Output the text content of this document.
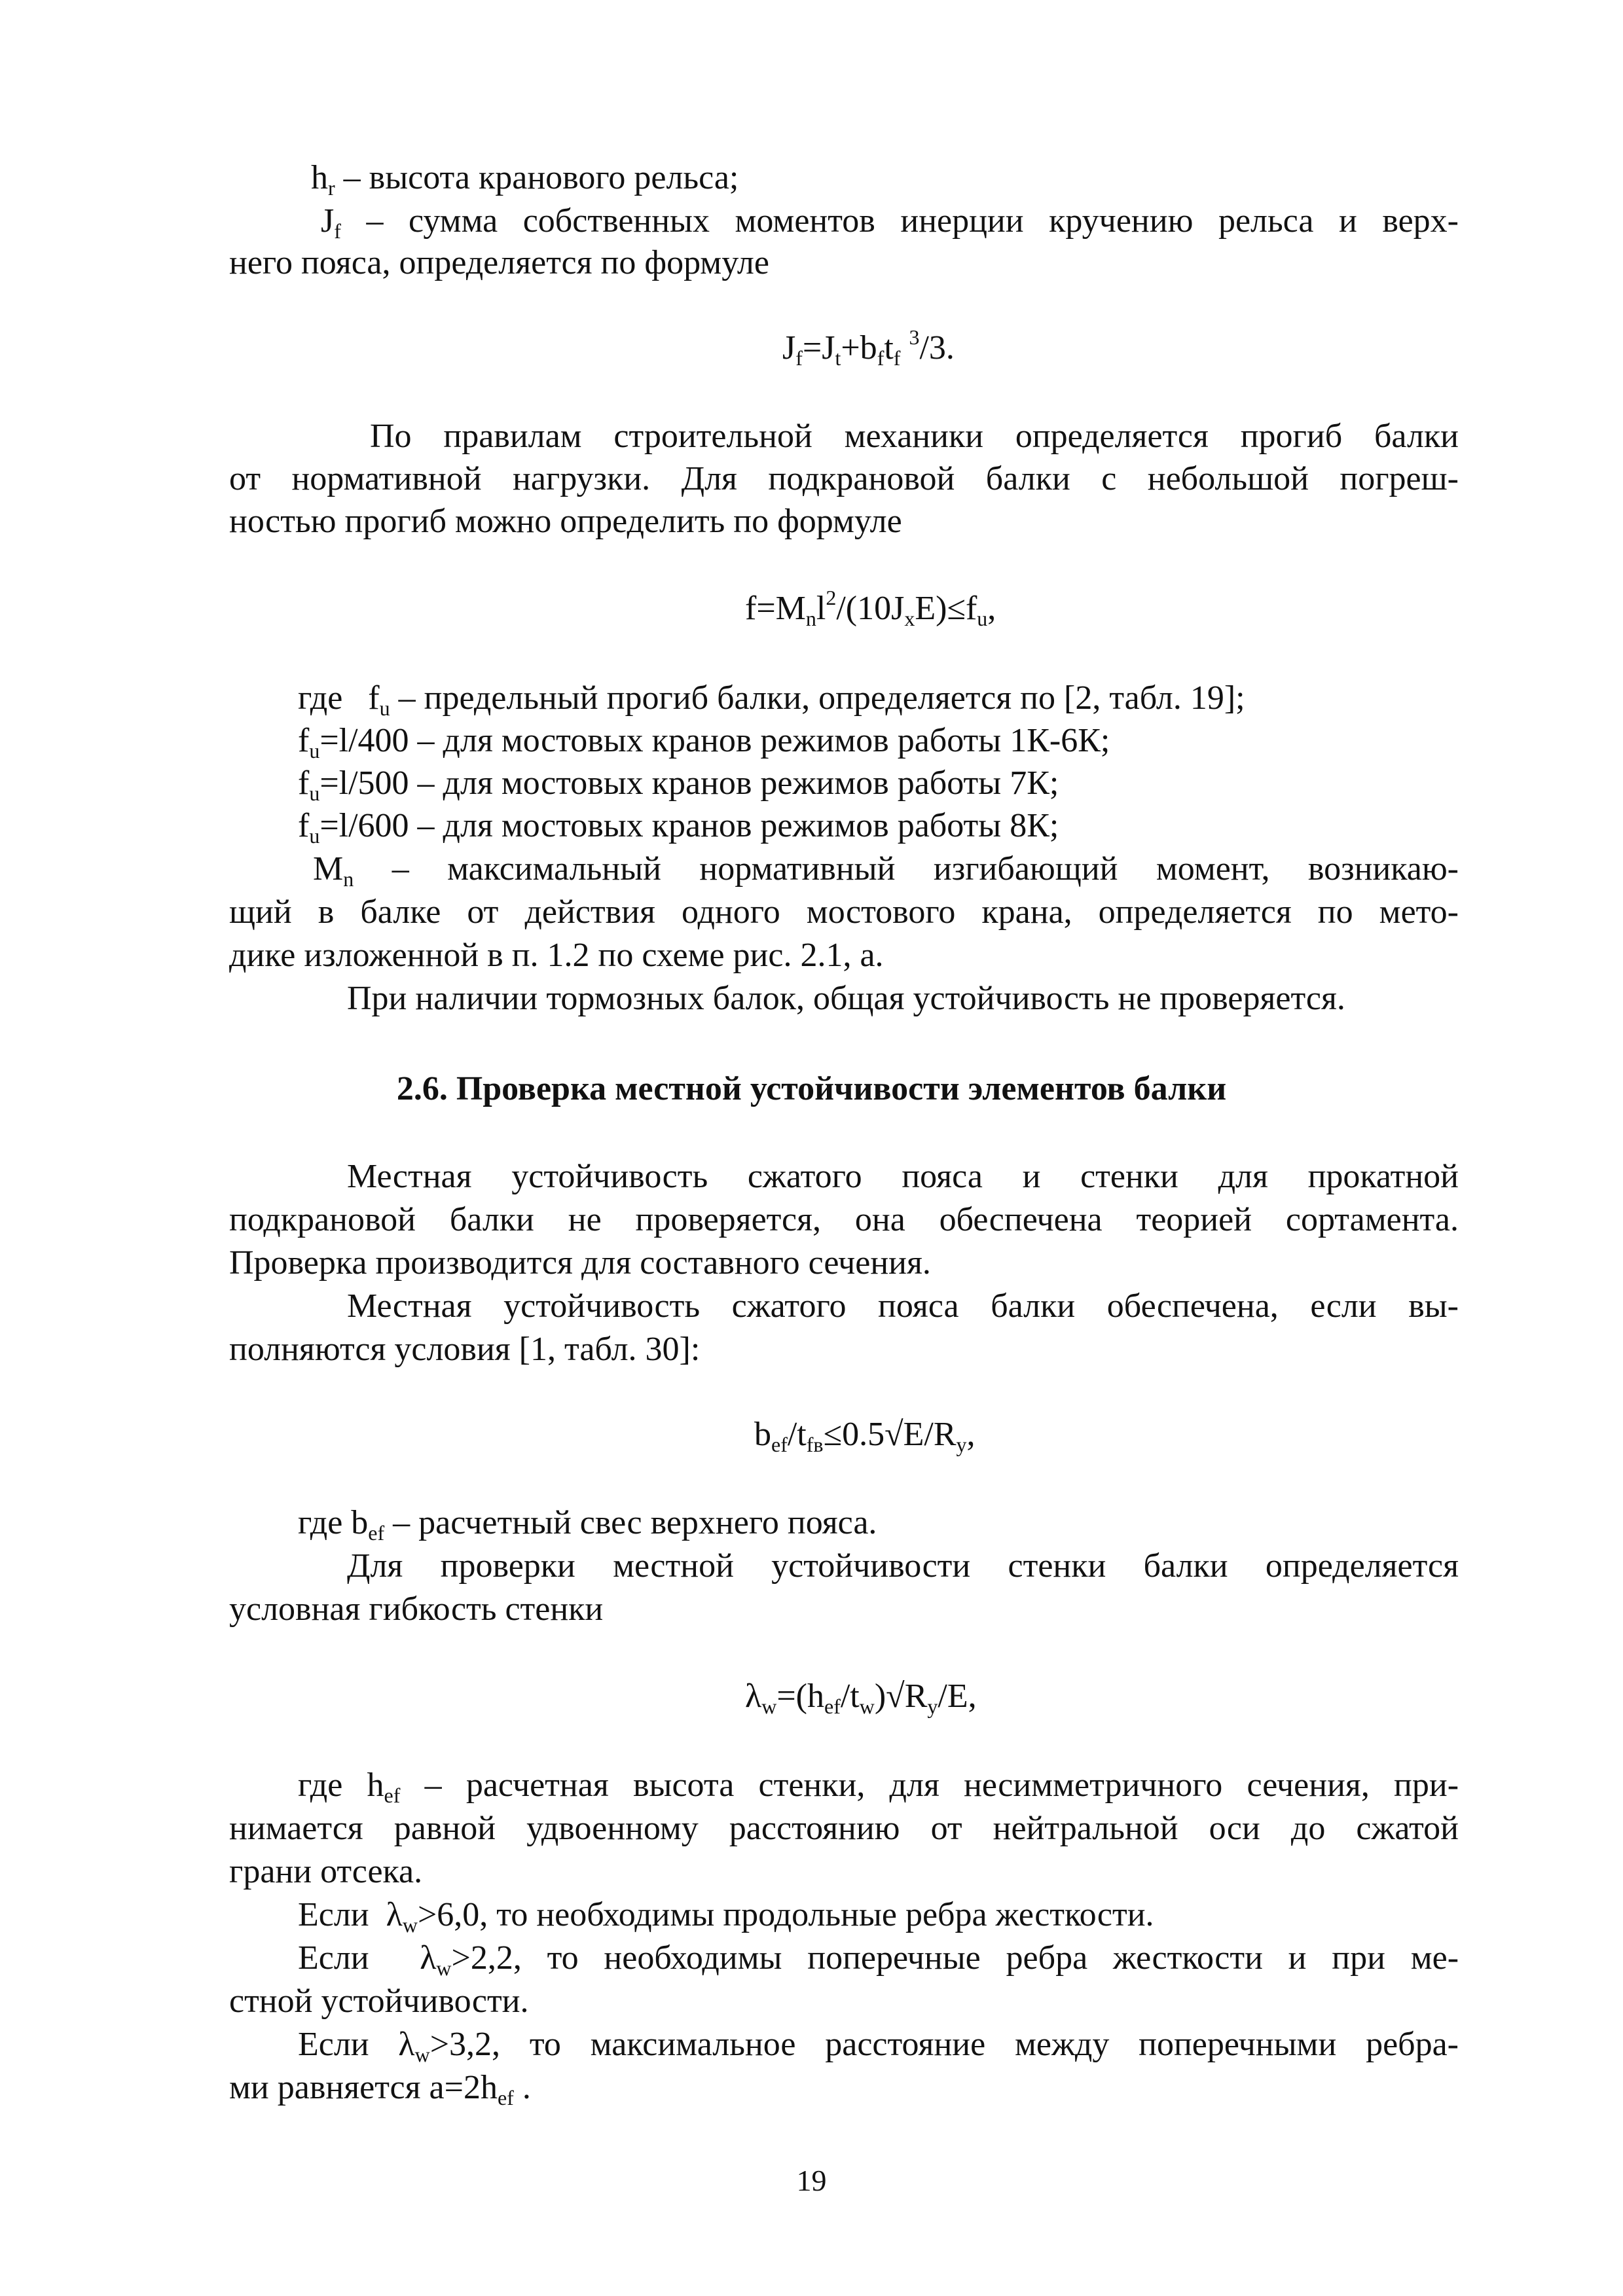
$h_r$ – высота кранового рельса;
$J_f$ – сумма собственных моментов инерции кручению рельса и верх-
него пояса, определяется по формуле
$J_f=J_t+b_ft_f$ $^3$/3.
По правилам строительной механики определяется прогиб балки
от нормативной нагрузки. Для подкрановой балки с небольшой погреш-
ностью прогиб можно определить по формуле
$f=M_nl^2/(10J_xE)\le f_u$,
где $f_u$ – предельный прогиб балки, определяется по [2, табл. 19];
$f_u=l/400$ – для мостовых кранов режимов работы 1К-6К;
$f_u=l/500$ – для мостовых кранов режимов работы 7К;
$f_u=l/600$ – для мостовых кранов режимов работы 8К;
$M_n$ – максимальный нормативный изгибающий момент, возникаю-
щий в балке от действия одного мостового крана, определяется по мето-
дике изложенной в п. 1.2 по схеме рис. 2.1, а.
При наличии тормозных балок, общая устойчивость не проверяется.
2.6. Проверка местной устойчивости элементов балки
Местная устойчивость сжатого пояса и стенки для прокатной
подкрановой балки не проверяется, она обеспечена теорией сортамента.
Проверка производится для составного сечения.
Местная устойчивость сжатого пояса балки обеспечена, если вы-
полняются условия [1, табл. 30]:
$b_{ef}/t_{fв}\le 0.5√E/R_y$,
где $b_{ef}$ – расчетный свес верхнего пояса.
Для проверки местной устойчивости стенки балки определяется
условная гибкость стенки
$\lambda_w=(h_{ef}/t_w)√R_y/E$,
где $h_{ef}$ – расчетная высота стенки, для несимметричного сечения, при-
нимается равной удвоенному расстоянию от нейтральной оси до сжатой
грани отсека.
Если $\lambda_w>6,0$, то необходимы продольные ребра жесткости.
Если $\lambda_w>2,2$, то необходимы поперечные ребра жесткости и при ме-
стной устойчивости.
Если $\lambda_w>3,2$, то максимальное расстояние между поперечными ребра-
ми равняется $а=2h_{ef}$ .
19
